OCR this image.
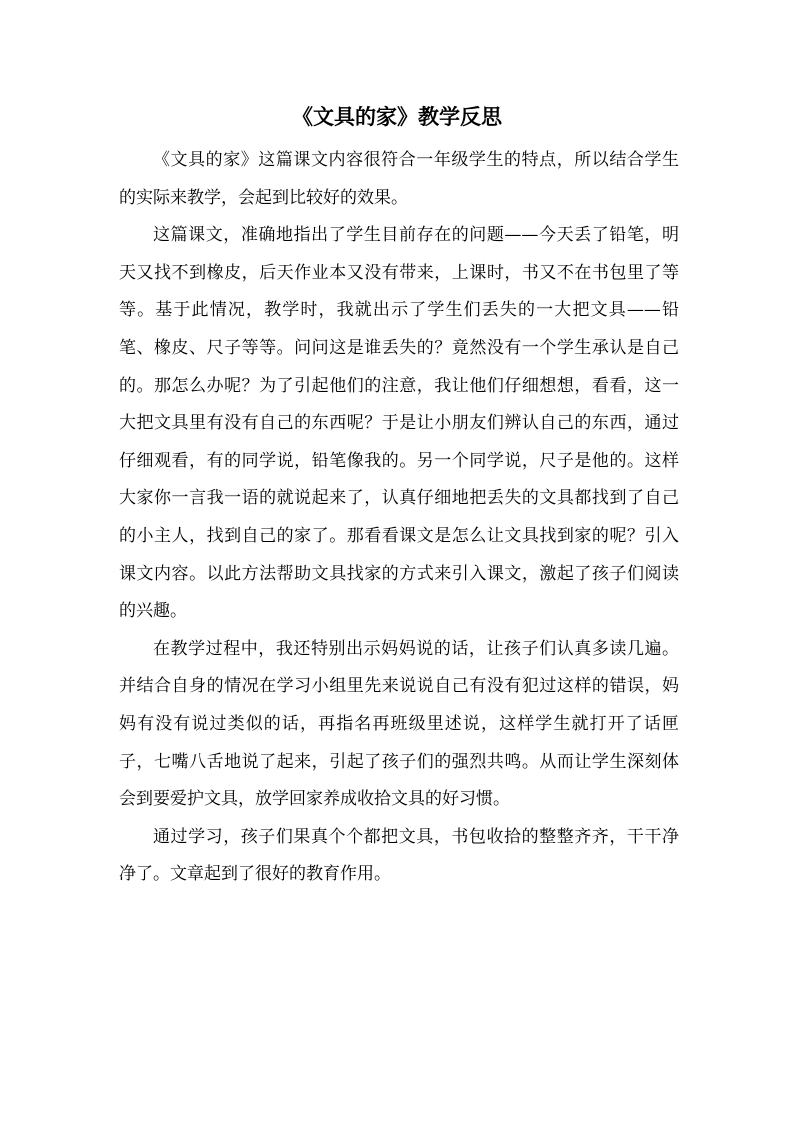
《文具的家》教学反思

《文具的家》这篇课文内容很符合一年级学生的特点，所以结合学生的实际来教学，会起到比较好的效果。

这篇课文，准确地指出了学生目前存在的问题——今天丢了铅笔，明天又找不到橡皮，后天作业本又没有带来，上课时，书又不在书包里了等等。基于此情况，教学时，我就出示了学生们丢失的一大把文具——铅笔、橡皮、尺子等等。问问这是谁丢失的？竟然没有一个学生承认是自己的。那怎么办呢？为了引起他们的注意，我让他们仔细想想，看看，这一大把文具里有没有自己的东西呢？于是让小朋友们辨认自己的东西，通过仔细观看，有的同学说，铅笔像我的。另一个同学说，尺子是他的。这样大家你一言我一语的就说起来了，认真仔细地把丢失的文具都找到了自己的小主人，找到自己的家了。那看看课文是怎么让文具找到家的呢？引入课文内容。以此方法帮助文具找家的方式来引入课文，激起了孩子们阅读的兴趣。

在教学过程中，我还特别出示妈妈说的话，让孩子们认真多读几遍。并结合自身的情况在学习小组里先来说说自己有没有犯过这样的错误，妈妈有没有说过类似的话，再指名再班级里述说，这样学生就打开了话匣子，七嘴八舌地说了起来，引起了孩子们的强烈共鸣。从而让学生深刻体会到要爱护文具，放学回家养成收拾文具的好习惯。

通过学习，孩子们果真个个都把文具，书包收拾的整整齐齐，干干净净了。文章起到了很好的教育作用。
